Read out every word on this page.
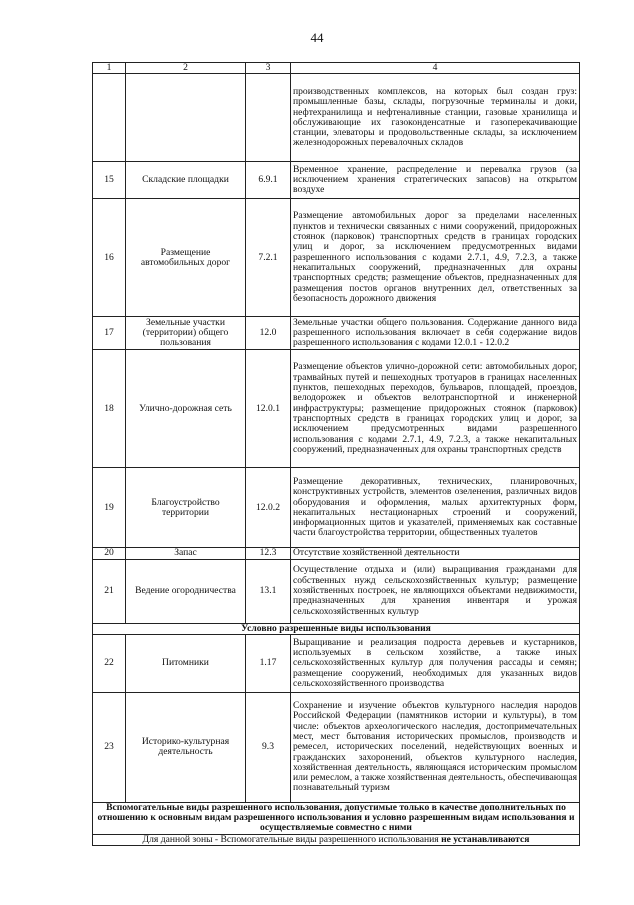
44
1	2	3	4
			производственных комплексов, на которых был создан груз: промышленные базы, склады, погрузочные терминалы и доки, нефтехранилища и нефтеналивные станции, газовые хранилища и обслуживающие их газоконденсатные и газоперекачивающие станции, элеваторы и продовольственные склады, за исключением железнодорожных перевалочных складов
15	Складские площадки	6.9.1	Временное хранение, распределение и перевалка грузов (за исключением хранения стратегических запасов) на открытом воздухе
16	Размещение автомобильных дорог	7.2.1	Размещение автомобильных дорог за пределами населенных пунктов и технически связанных с ними сооружений, придорожных стоянок (парковок) транспортных средств в границах городских улиц и дорог, за исключением предусмотренных видами разрешенного использования с кодами 2.7.1, 4.9, 7.2.3, а также некапитальных сооружений, предназначенных для охраны транспортных средств; размещение объектов, предназначенных для размещения постов органов внутренних дел, ответственных за безопасность дорожного движения
17	Земельные участки (территории) общего пользования	12.0	Земельные участки общего пользования. Содержание данного вида разрешенного использования включает в себя содержание видов разрешенного использования с кодами 12.0.1 - 12.0.2
18	Улично-дорожная сеть	12.0.1	Размещение объектов улично-дорожной сети: автомобильных дорог, трамвайных путей и пешеходных тротуаров в границах населенных пунктов, пешеходных переходов, бульваров, площадей, проездов, велодорожек и объектов велотранспортной и инженерной инфраструктуры; размещение придорожных стоянок (парковок) транспортных средств в границах городских улиц и дорог, за исключением предусмотренных видами разрешенного использования с кодами 2.7.1, 4.9, 7.2.3, а также некапитальных сооружений, предназначенных для охраны транспортных средств
19	Благоустройство территории	12.0.2	Размещение декоративных, технических, планировочных, конструктивных устройств, элементов озеленения, различных видов оборудования и оформления, малых архитектурных форм, некапитальных нестационарных строений и сооружений, информационных щитов и указателей, применяемых как составные части благоустройства территории, общественных туалетов
20	Запас	12.3	Отсутствие хозяйственной деятельности
21	Ведение огородничества	13.1	Осуществление отдыха и (или) выращивания гражданами для собственных нужд сельскохозяйственных культур; размещение хозяйственных построек, не являющихся объектами недвижимости, предназначенных для хранения инвентаря и урожая сельскохозяйственных культур
Условно разрешенные виды использования			
22	Питомники	1.17	Выращивание и реализация подроста деревьев и кустарников, используемых в сельском хозяйстве, а также иных сельскохозяйственных культур для получения рассады и семян; размещение сооружений, необходимых для указанных видов сельскохозяйственного производства
23	Историко-культурная деятельность	9.3	Сохранение и изучение объектов культурного наследия народов Российской Федерации (памятников истории и культуры), в том числе: объектов археологического наследия, достопримечательных мест, мест бытования исторических промыслов, производств и ремесел, исторических поселений, недействующих военных и гражданских захоронений, объектов культурного наследия, хозяйственная деятельность, являющаяся историческим промыслом или ремеслом, а также хозяйственная деятельность, обеспечивающая познавательный туризм
Вспомогательные виды разрешенного использования, допустимые только в качестве дополнительных по отношению к основным видам разрешенного использования и условно разрешенным видам использования и осуществляемые совместно с ними			
Для данной зоны - Вспомогательные виды разрешенного использования не устанавливаются			
